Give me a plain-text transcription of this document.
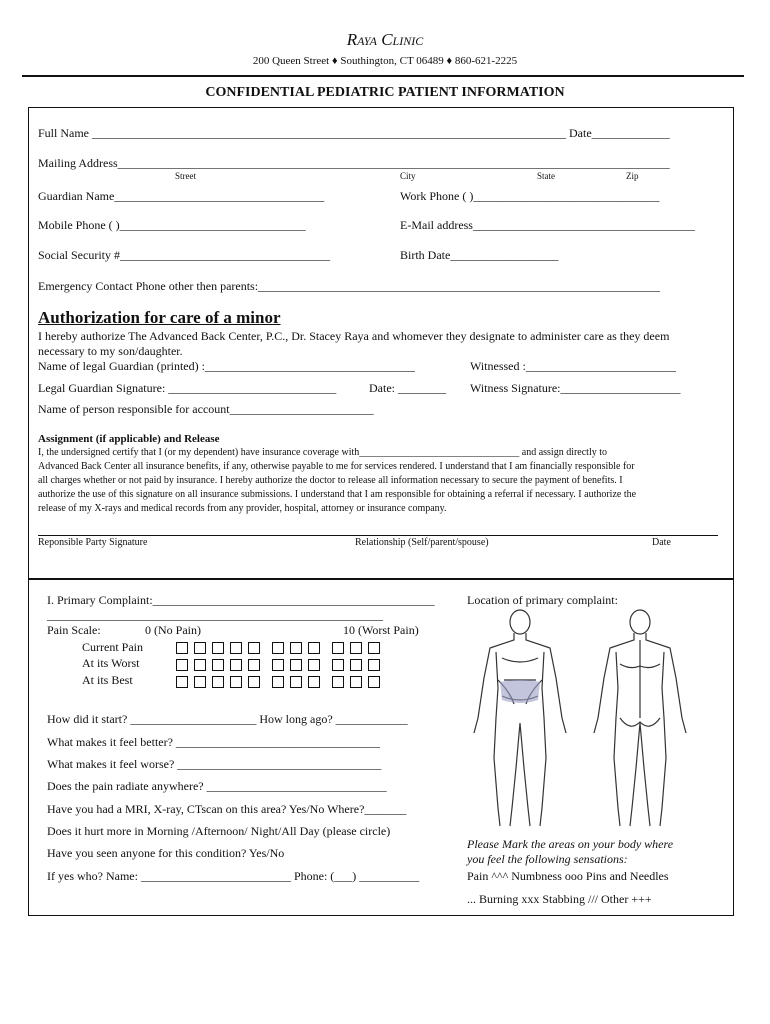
Raya Clinic
200 Queen Street ♦ Southington, CT 06489 ♦ 860-621-2225
CONFIDENTIAL PEDIATRIC PATIENT INFORMATION
Full Name _______________________________________________________________________________ Date_____________
Mailing Address____________________________________________________________________________________________
Street	City	State	Zip
Guardian Name___________________________________	Work Phone ( )_______________________________
Mobile Phone ( )_______________________________	E-Mail address_____________________________________
Social Security #___________________________________	Birth Date__________________
Emergency Contact Phone other then parents:___________________________________________________________________
Authorization for care of a minor
I hereby authorize The Advanced Back Center, P.C., Dr. Stacey Raya and whomever they designate to administer care as they deem
necessary to my son/daughter.
Name of legal Guardian (printed) :___________________________________	Witnessed :_________________________
Legal Guardian Signature: ____________________________	Date: ________ Witness Signature:____________________
Name of person responsible for account________________________
Assignment (if applicable) and Release
I, the undersigned certify that I (or my dependent) have insurance coverage with________________________________ and assign directly to
Advanced Back Center all insurance benefits, if any, otherwise payable to me for services rendered. I understand that I am financially responsible for
all charges whether or not paid by insurance. I hereby authorize the doctor to release all information necessary to secure the payment of benefits. I
authorize the use of this signature on all insurance submissions. I understand that I am responsible for obtaining a referral if necessary. I authorize the
release of my X-rays and medical records from any provider, hospital, attorney or insurance company.
Reponsible Party Signature	Relationship (Self/parent/spouse)	Date
I. Primary Complaint:_______________________________________________
________________________________________________________
Pain Scale:	0 (No Pain)	10 (Worst Pain)
Current Pain
At its Worst
At its Best
How did it start? _____________________ How long ago? ____________
What makes it feel better? __________________________________
What makes it feel worse? __________________________________
Does the pain radiate anywhere? ______________________________
Have you had a MRI, X-ray, CTscan on this area? Yes/No Where?_______
Does it hurt more in Morning /Afternoon/ Night/All Day (please circle)
Have you seen anyone for this condition? Yes/No
If yes who? Name: _________________________ Phone: (___) __________
Location of primary complaint:
Please Mark the areas on your body where
you feel the following sensations:
Pain ^^^ Numbness ooo Pins and Needles
... Burning xxx Stabbing /// Other +++
